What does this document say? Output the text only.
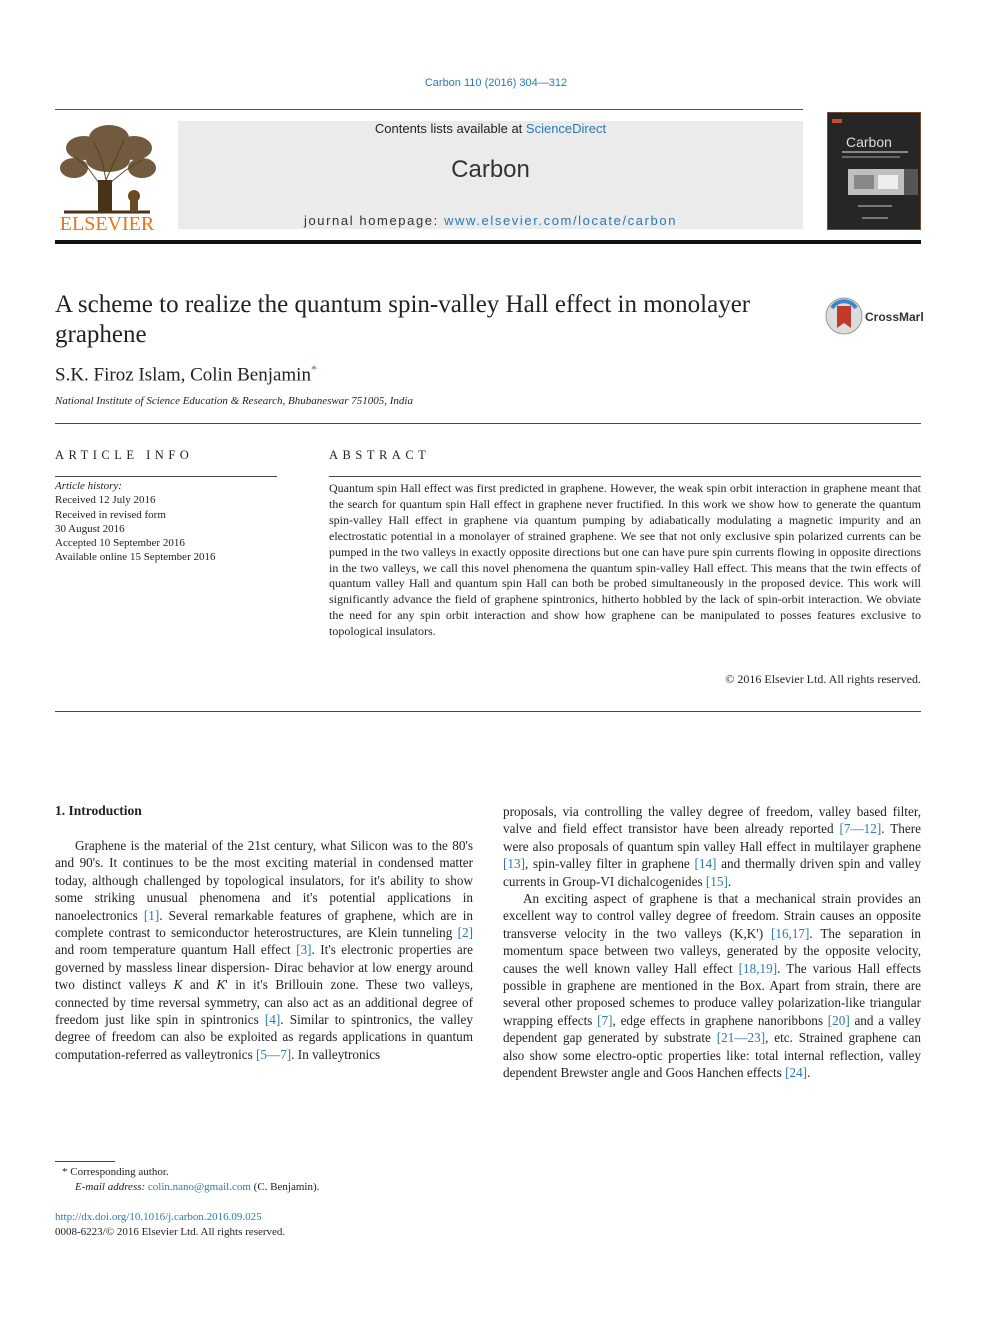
Carbon 110 (2016) 304—312
ELSEVIER
Contents lists available at ScienceDirect
Carbon
journal homepage: www.elsevier.com/locate/carbon
Carbon
A scheme to realize the quantum spin-valley Hall effect in monolayer graphene
CrossMark
S.K. Firoz Islam, Colin Benjamin*
National Institute of Science Education & Research, Bhubaneswar 751005, India
ARTICLE INFO
Article history:
Received 12 July 2016
Received in revised form
30 August 2016
Accepted 10 September 2016
Available online 15 September 2016
ABSTRACT
Quantum spin Hall effect was first predicted in graphene. However, the weak spin orbit interaction in graphene meant that the search for quantum spin Hall effect in graphene never fructified. In this work we show how to generate the quantum spin-valley Hall effect in graphene via quantum pumping by adiabatically modulating a magnetic impurity and an electrostatic potential in a monolayer of strained graphene. We see that not only exclusive spin polarized currents can be pumped in the two valleys in exactly opposite directions but one can have pure spin currents flowing in opposite directions in the two valleys, we call this novel phenomena the quantum spin-valley Hall effect. This means that the twin effects of quantum valley Hall and quantum spin Hall can both be probed simultaneously in the proposed device. This work will significantly advance the field of graphene spintronics, hitherto hobbled by the lack of spin-orbit interaction. We obviate the need for any spin orbit interaction and show how graphene can be manipulated to posses features exclusive to topological insulators.
© 2016 Elsevier Ltd. All rights reserved.
1. Introduction

Graphene is the material of the 21st century, what Silicon was to the 80's and 90's. It continues to be the most exciting material in condensed matter today, although challenged by topological insulators, for it's ability to show some striking unusual phenomena and it's potential applications in nanoelectronics [1]. Several remarkable features of graphene, which are in complete contrast to semiconductor heterostructures, are Klein tunneling [2] and room temperature quantum Hall effect [3]. It's electronic properties are governed by massless linear dispersion- Dirac behavior at low energy around two distinct valleys K and K' in it's Brillouin zone. These two valleys, connected by time reversal symmetry, can also act as an additional degree of freedom just like spin in spintronics [4]. Similar to spintronics, the valley degree of freedom can also be exploited as regards applications in quantum computation-referred as valleytronics [5—7]. In valleytronics

proposals, via controlling the valley degree of freedom, valley based filter, valve and field effect transistor have been already reported [7—12]. There were also proposals of quantum spin valley Hall effect in multilayer graphene [13], spin-valley filter in graphene [14] and thermally driven spin and valley currents in Group-VI dichalcogenides [15].

An exciting aspect of graphene is that a mechanical strain provides an excellent way to control valley degree of freedom. Strain causes an opposite transverse velocity in the two valleys (K,K') [16,17]. The separation in momentum space between two valleys, generated by the opposite velocity, causes the well known valley Hall effect [18,19]. The various Hall effects possible in graphene are mentioned in the Box. Apart from strain, there are several other proposed schemes to produce valley polarization-like triangular wrapping effects [7], edge effects in graphene nanoribbons [20] and a valley dependent gap generated by substrate [21—23], etc. Strained graphene can also show some electro-optic properties like: total internal reflection, valley dependent Brewster angle and Goos Hanchen effects [24].

* Corresponding author.
E-mail address: colin.nano@gmail.com (C. Benjamin).
http://dx.doi.org/10.1016/j.carbon.2016.09.025
0008-6223/© 2016 Elsevier Ltd. All rights reserved.
